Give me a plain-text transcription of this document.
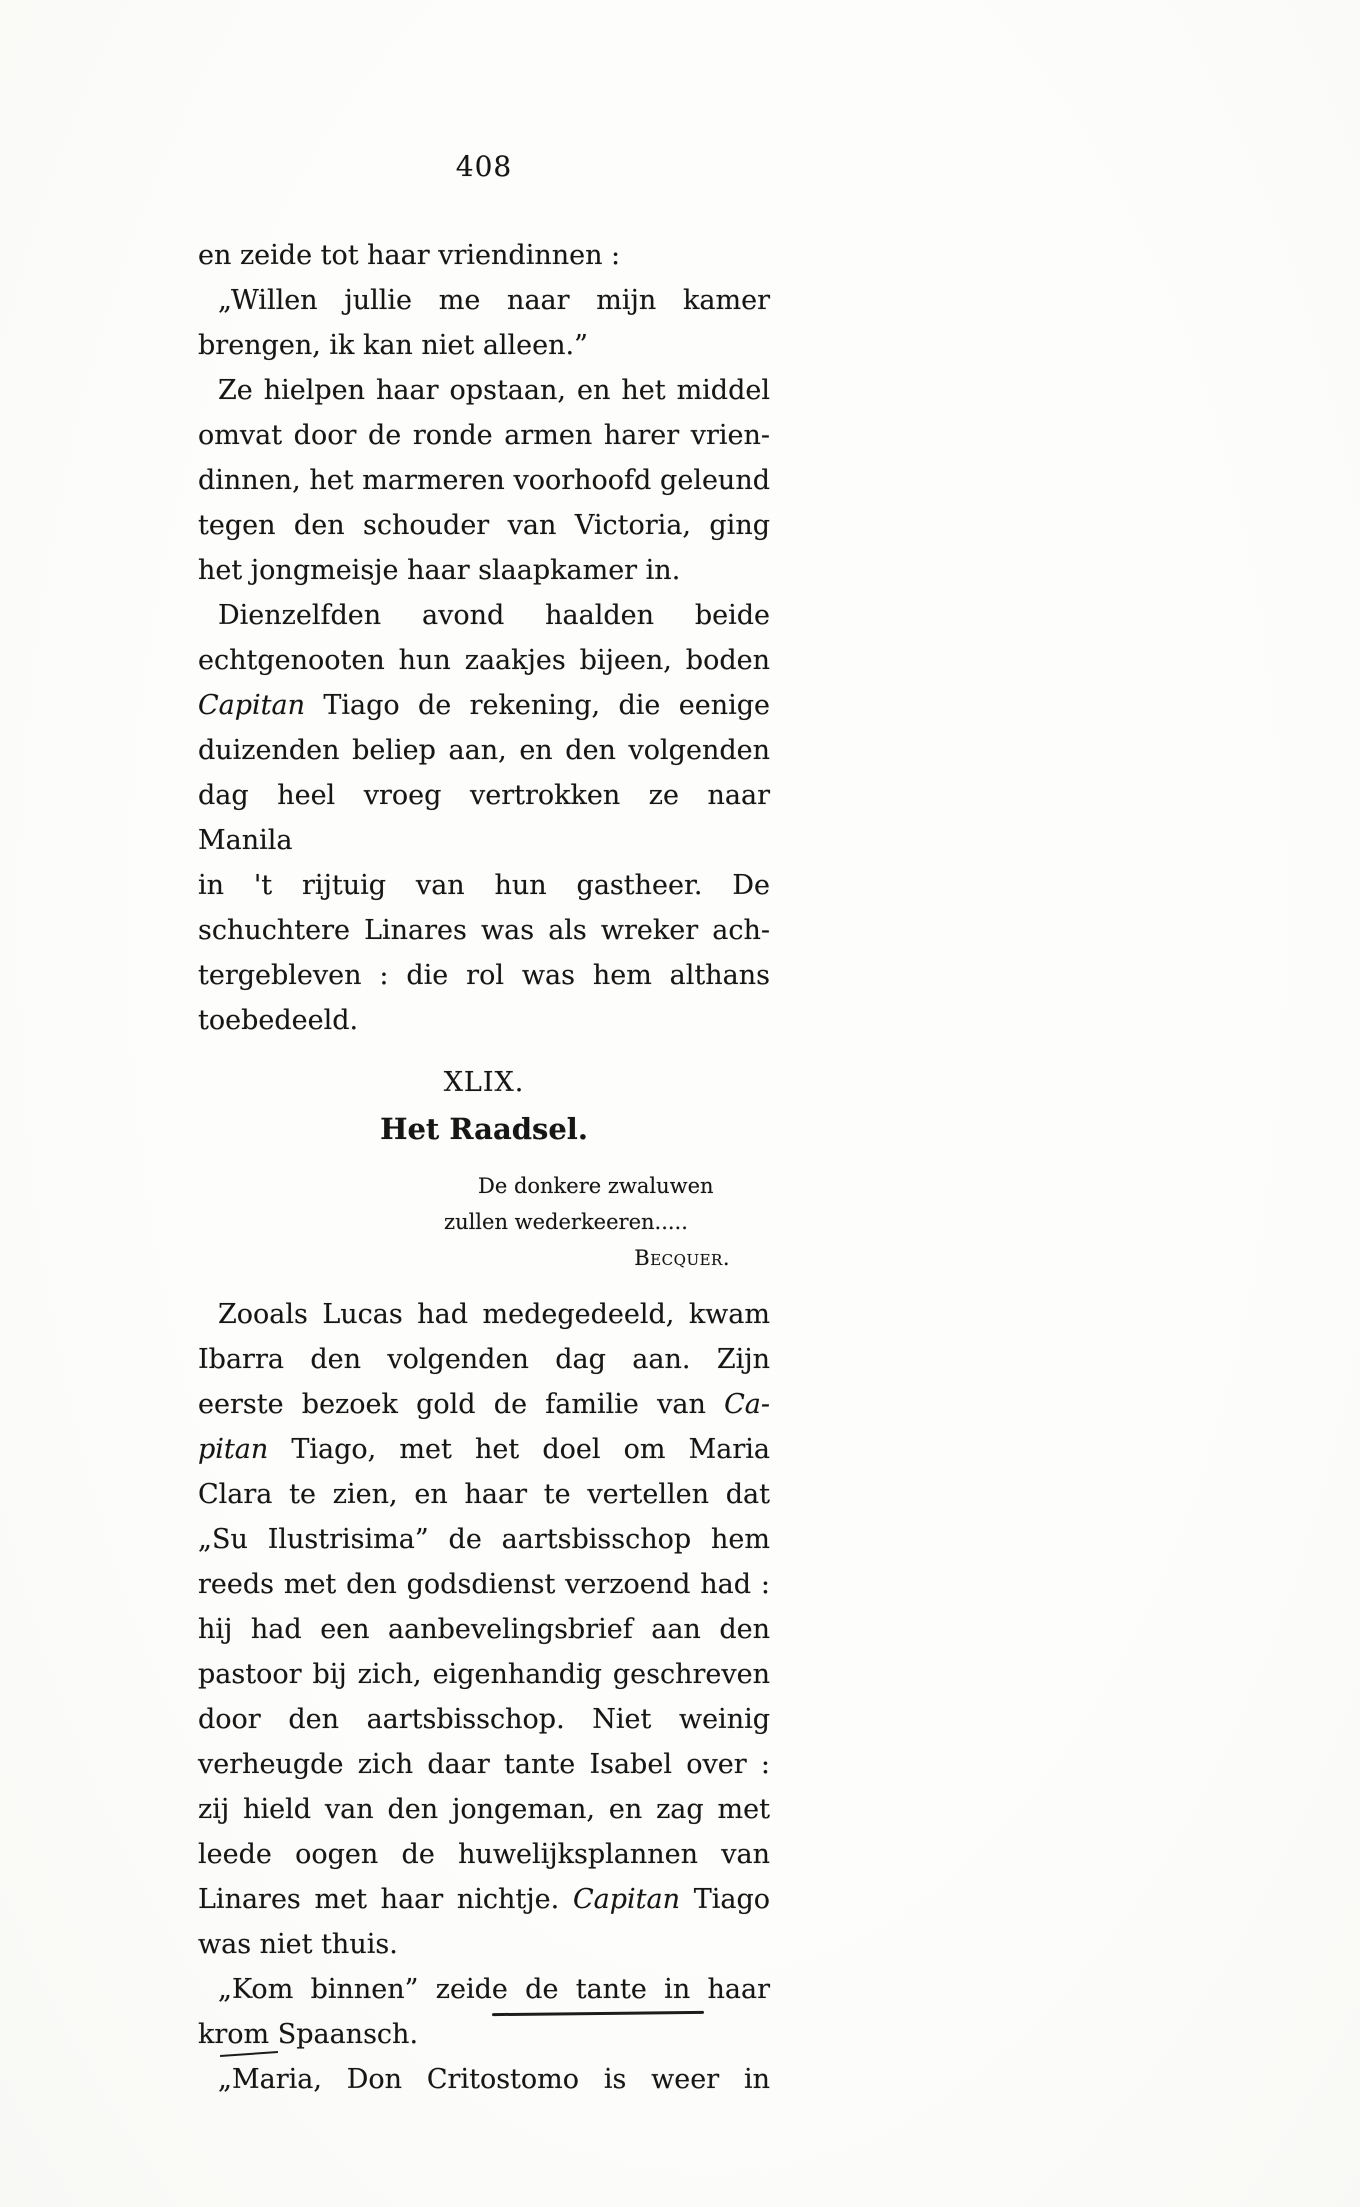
408
en zeide tot haar vriendinnen :
„Willen jullie me naar mijn kamer
brengen, ik kan niet alleen.”
Ze hielpen haar opstaan, en het middel
omvat door de ronde armen harer vrien-
dinnen, het marmeren voorhoofd geleund
tegen den schouder van Victoria, ging
het jongmeisje haar slaapkamer in.
Dienzelfden avond haalden beide
echtgenooten hun zaakjes bijeen, boden
Capitan Tiago de rekening, die eenige
duizenden beliep aan, en den volgenden
dag heel vroeg vertrokken ze naar Manila
in 't rijtuig van hun gastheer. De
schuchtere Linares was als wreker ach-
tergebleven : die rol was hem althans
toebedeeld.
XLIX.
Het Raadsel.
De donkere zwaluwen
zullen wederkeeren.....
Becquer.
Zooals Lucas had medegedeeld, kwam
Ibarra den volgenden dag aan. Zijn
eerste bezoek gold de familie van Ca-
pitan Tiago, met het doel om Maria
Clara te zien, en haar te vertellen dat
„Su Ilustrisima” de aartsbisschop hem
reeds met den godsdienst verzoend had :
hij had een aanbevelingsbrief aan den
pastoor bij zich, eigenhandig geschreven
door den aartsbisschop. Niet weinig
verheugde zich daar tante Isabel over :
zij hield van den jongeman, en zag met
leede oogen de huwelijksplannen van
Linares met haar nichtje. Capitan Tiago
was niet thuis.
„Kom binnen” zeide de tante in haar
krom Spaansch.
„Maria, Don Critostomo is weer in
